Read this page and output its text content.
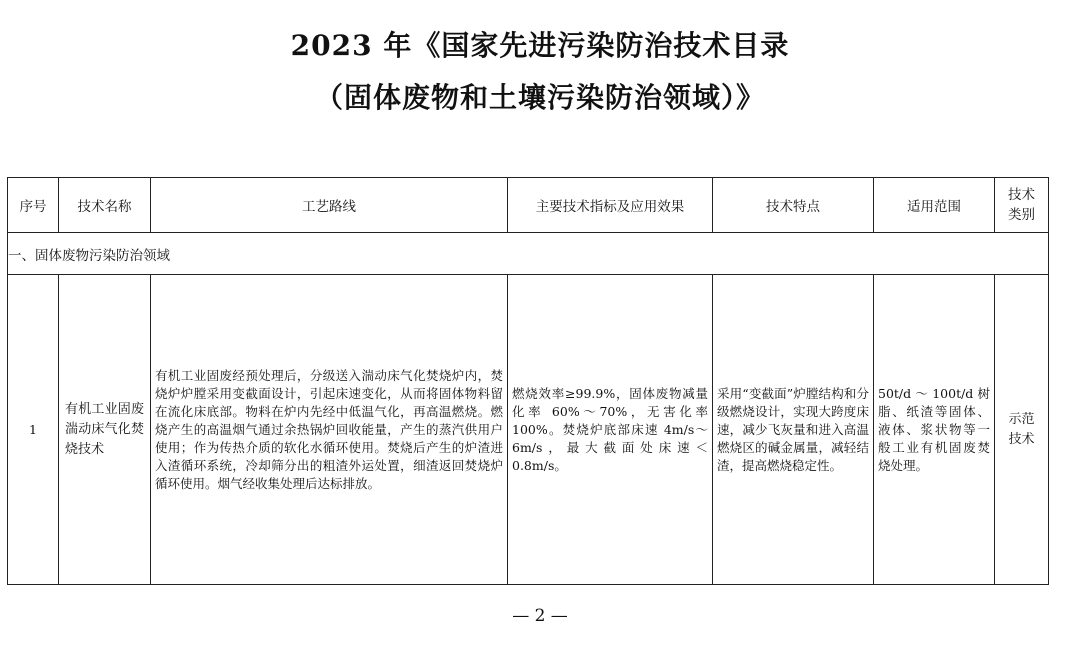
2023 年《国家先进污染防治技术目录
（固体废物和土壤污染防治领域）》
序号	技术名称	工艺路线	主要技术指标及应用效果	技术特点	适用范围	技术类别
一、固体废物污染防治领域						

1	有机工业固废湍动床气化焚烧技术	有机工业固废经预处理后，分级送入湍动床气化焚烧炉内，焚烧炉炉膛采用变截面设计，引起床速变化，从而将固体物料留在流化床底部。物料在炉内先经中低温气化，再高温燃烧。燃烧产生的高温烟气通过余热锅炉回收能量，产生的蒸汽供用户使用；作为传热介质的软化水循环使用。焚烧后产生的炉渣进入渣循环系统，冷却筛分出的粗渣外运处置，细渣返回焚烧炉循环使用。烟气经收集处理后达标排放。	燃烧效率≥99.9%，固体废物减量化率 60%～70%，无害化率100%。焚烧炉底部床速 4m/s～6m/s，最大截面处床速＜0.8m/s。	采用“变截面”炉膛结构和分级燃烧设计，实现大跨度床速，减少飞灰量和进入高温燃烧区的碱金属量，减轻结渣，提高燃烧稳定性。	50t/d ～ 100t/d 树脂、纸渣等固体、液体、浆状物等一般工业有机固废焚烧处理。	示范技术
— 2 —
